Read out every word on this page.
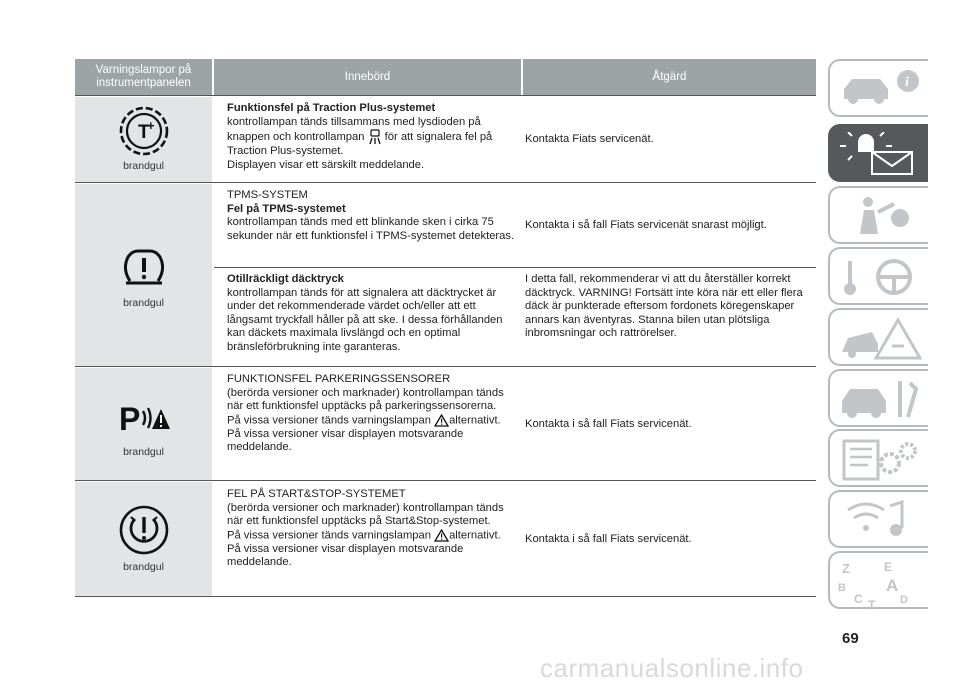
Varningslampor på instrumentpanelen
Innebörd	Åtgärd
T
+
brandgul
Funktionsfel på Traction Plus-systemet
kontrollampan tänds tillsammans med lysdioden på knappen och kontrollampan för att signalera fel på Traction Plus-systemet.
Displayen visar ett särskilt meddelande.
Kontakta Fiats servicenät.
brandgul
TPMS-SYSTEM
Fel på TPMS-systemet
kontrollampan tänds med ett blinkande sken i cirka 75 sekunder när ett funktionsfel i TPMS-systemet detekteras.
Kontakta i så fall Fiats servicenät snarast möjligt.
Otillräckligt däcktryck
kontrollampan tänds för att signalera att däcktrycket är under det rekommenderade värdet och/eller att ett långsamt tryckfall håller på att ske. I dessa förhållanden kan däckets maximala livslängd och en optimal bränsleförbrukning inte garanteras.
I detta fall, rekommenderar vi att du återställer korrekt däcktryck. VARNING! Fortsätt inte köra när ett eller flera däck är punkterade eftersom fordonets köregenskaper annars kan äventyras. Stanna bilen utan plötsliga inbromsningar och rattrörelser.
P
brandgul
FUNKTIONSFEL PARKERINGSSENSORER
(berörda versioner och marknader) kontrollampan tänds när ett funktionsfel upptäcks på parkeringssensorerna.
På vissa versioner tänds varningslampan alternativt.
På vissa versioner visar displayen motsvarande meddelande.
Kontakta i så fall Fiats servicenät.
brandgul
FEL PÅ START&STOP-SYSTEMET
(berörda versioner och marknader) kontrollampan tänds när ett funktionsfel upptäcks på Start&Stop-systemet.
På vissa versioner tänds varningslampan alternativt.
På vissa versioner visar displayen motsvarande meddelande.
Kontakta i så fall Fiats servicenät.
i
Z	E
B A
D
C T
69
carmanualsonline.info
